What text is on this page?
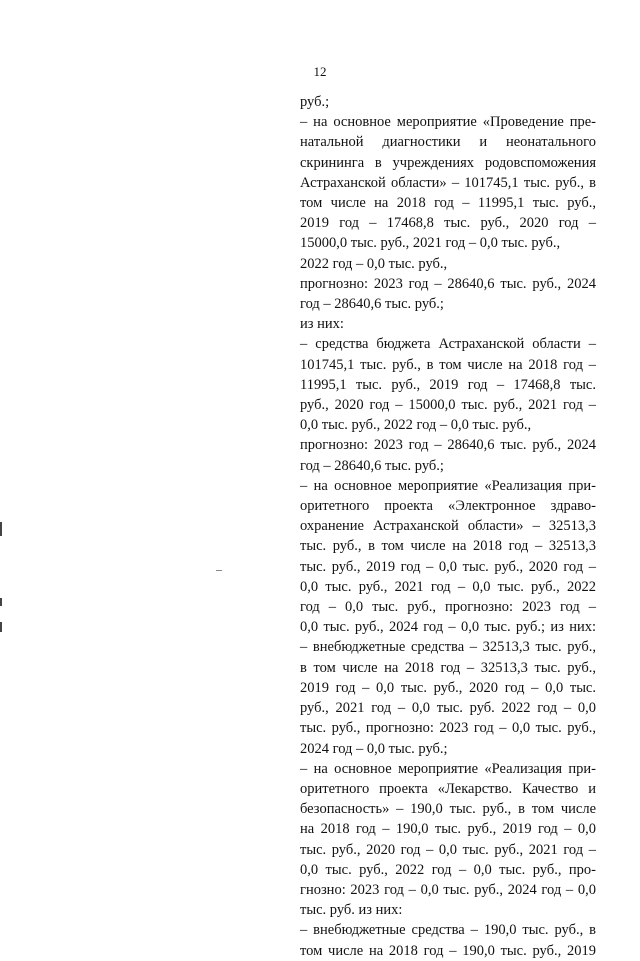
12
руб.;
– на основное мероприятие «Проведение пре-
натальной диагностики и неонатального
скрининга в учреждениях родовспоможения
Астраханской области» – 101745,1 тыс. руб., в
том числе на 2018 год – 11995,1 тыс. руб.,
2019 год – 17468,8 тыс. руб., 2020 год –
15000,0 тыс. руб., 2021 год – 0,0 тыс. руб.,
2022 год – 0,0 тыс. руб.,
прогнозно: 2023 год – 28640,6 тыс. руб., 2024
год – 28640,6 тыс. руб.;
из них:
– средства бюджета Астраханской области –
101745,1 тыс. руб., в том числе на 2018 год –
11995,1 тыс. руб., 2019 год – 17468,8 тыс.
руб., 2020 год – 15000,0 тыс. руб., 2021 год –
0,0 тыс. руб., 2022 год – 0,0 тыс. руб.,
прогнозно: 2023 год – 28640,6 тыс. руб., 2024
год – 28640,6 тыс. руб.;
– на основное мероприятие «Реализация при-
оритетного проекта «Электронное здраво-
охранение Астраханской области» – 32513,3
тыс. руб., в том числе на 2018 год – 32513,3
тыс. руб., 2019 год – 0,0 тыс. руб., 2020 год –
0,0 тыс. руб., 2021 год – 0,0 тыс. руб., 2022
год – 0,0 тыс. руб., прогнозно: 2023 год –
0,0 тыс. руб., 2024 год – 0,0 тыс. руб.; из них:
– внебюджетные средства – 32513,3 тыс. руб.,
в том числе на 2018 год – 32513,3 тыс. руб.,
2019 год – 0,0 тыс. руб., 2020 год – 0,0 тыс.
руб., 2021 год – 0,0 тыс. руб. 2022 год – 0,0
тыс. руб., прогнозно: 2023 год – 0,0 тыс. руб.,
2024 год – 0,0 тыс. руб.;
– на основное мероприятие «Реализация при-
оритетного проекта «Лекарство. Качество и
безопасность» – 190,0 тыс. руб., в том числе
на 2018 год – 190,0 тыс. руб., 2019 год – 0,0
тыс. руб., 2020 год – 0,0 тыс. руб., 2021 год –
0,0 тыс. руб., 2022 год – 0,0 тыс. руб., про-
гнозно: 2023 год – 0,0 тыс. руб., 2024 год – 0,0
тыс. руб. из них:
– внебюджетные средства – 190,0 тыс. руб., в
том числе на 2018 год – 190,0 тыс. руб., 2019
